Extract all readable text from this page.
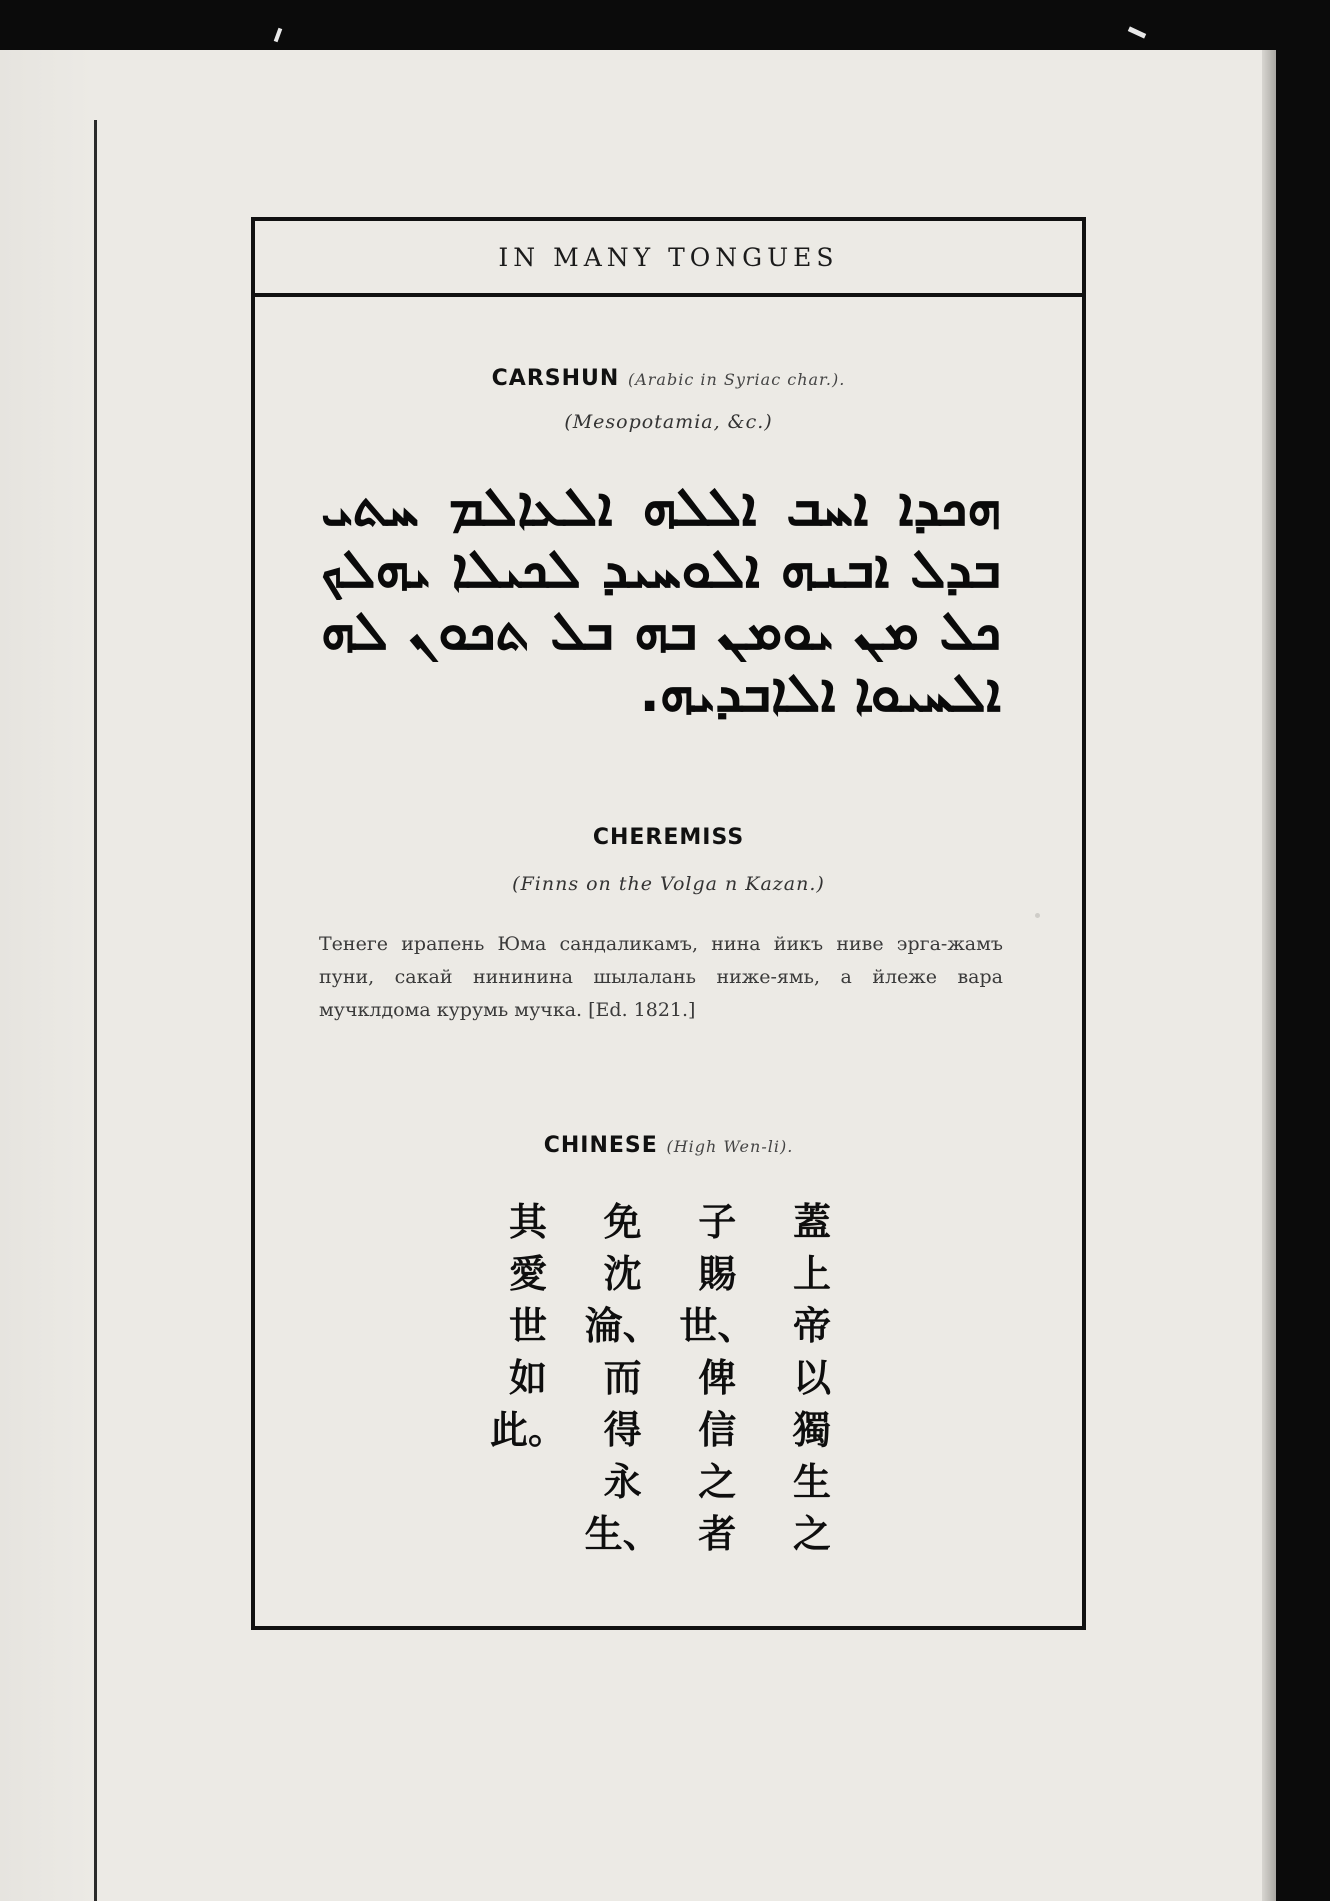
IN MANY TONGUES
CARSHUN (Arabic in Syriac char.).
(Mesopotamia, &c.)
ܗܟܕܐ ܐܚܒ ܐܠܠܗ ܐܠܥܐܠܡ ܚܬܝ
ܒܕܠ ܐܒܢܗ ܐܠܘܚܝܕ ܠܟܝܠܐ ܝܗܠܟ
ܟܠ ܡܢ ܝܘܡܢ ܒܗ ܒܠ ܬܟܘܢ ܠܗ
ܐܠܚܝܘܐ ܐܠܐܒܕܝܗ.
CHEREMISS
(Finns on the Volga n Kazan.)
Тенеге ирапень Юма сандаликамъ, нина йикъ ниве эрга-жамъ пуни, сакай нининина шылалань ниже-ямь, а йлеже вара мучклдома курумь мучка. [Ed. 1821.]
CHINESE (High Wen-li).
蓋
上
帝
以
獨
生
之
子
賜
世、
俾
信
之
者
免
沈
淪、
而
得
永
生、
其
愛
世
如
此。
